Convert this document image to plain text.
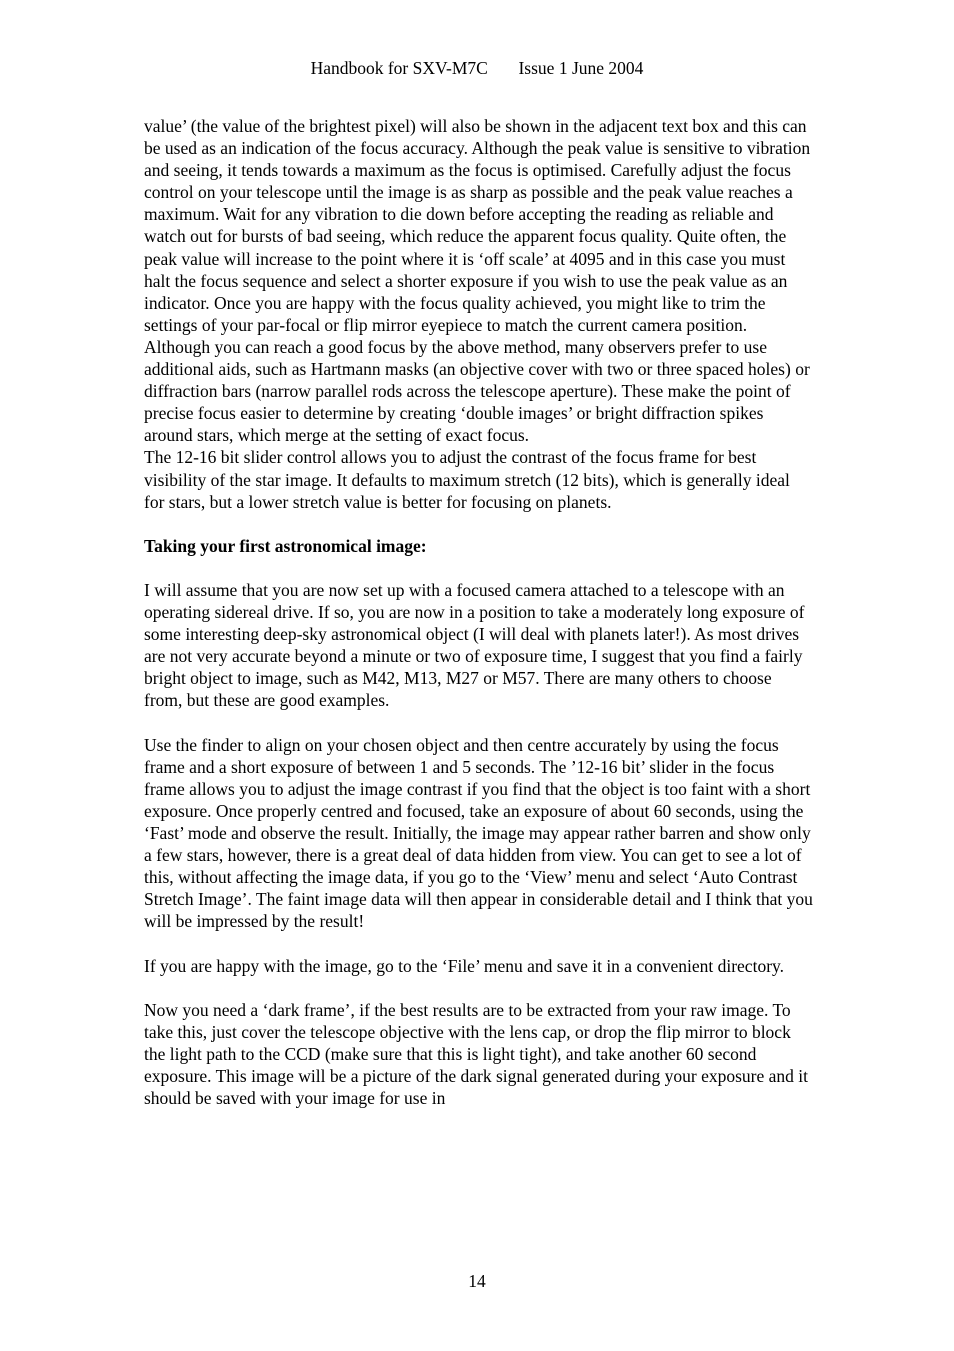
Handbook for SXV-M7C Issue 1 June 2004

value’ (the value of the brightest pixel) will also be shown in the adjacent text box and this can be used as an indication of the focus accuracy. Although the peak value is sensitive to vibration and seeing, it tends towards a maximum as the focus is optimised. Carefully adjust the focus control on your telescope until the image is as sharp as possible and the peak value reaches a maximum. Wait for any vibration to die down before accepting the reading as reliable and watch out for bursts of bad seeing, which reduce the apparent focus quality. Quite often, the peak value will increase to the point where it is ‘off scale’ at 4095 and in this case you must halt the focus sequence and select a shorter exposure if you wish to use the peak value as an indicator. Once you are happy with the focus quality achieved, you might like to trim the settings of your par-focal or flip mirror eyepiece to match the current camera position.

Although you can reach a good focus by the above method, many observers prefer to use additional aids, such as Hartmann masks (an objective cover with two or three spaced holes) or diffraction bars (narrow parallel rods across the telescope aperture). These make the point of precise focus easier to determine by creating ‘double images’ or bright diffraction spikes around stars, which merge at the setting of exact focus.

The 12-16 bit slider control allows you to adjust the contrast of the focus frame for best visibility of the star image. It defaults to maximum stretch (12 bits), which is generally ideal for stars, but a lower stretch value is better for focusing on planets.

Taking your first astronomical image:

I will assume that you are now set up with a focused camera attached to a telescope with an operating sidereal drive. If so, you are now in a position to take a moderately long exposure of some interesting deep-sky astronomical object (I will deal with planets later!). As most drives are not very accurate beyond a minute or two of exposure time, I suggest that you find a fairly bright object to image, such as M42, M13, M27 or M57. There are many others to choose from, but these are good examples.

Use the finder to align on your chosen object and then centre accurately by using the focus frame and a short exposure of between 1 and 5 seconds. The ’12-16 bit’ slider in the focus frame allows you to adjust the image contrast if you find that the object is too faint with a short exposure. Once properly centred and focused, take an exposure of about 60 seconds, using the ‘Fast’ mode and observe the result. Initially, the image may appear rather barren and show only a few stars, however, there is a great deal of data hidden from view. You can get to see a lot of this, without affecting the image data, if you go to the ‘View’ menu and select ‘Auto Contrast Stretch Image’. The faint image data will then appear in considerable detail and I think that you will be impressed by the result!

If you are happy with the image, go to the ‘File’ menu and save it in a convenient directory.

Now you need a ‘dark frame’, if the best results are to be extracted from your raw image. To take this, just cover the telescope objective with the lens cap, or drop the flip mirror to block the light path to the CCD (make sure that this is light tight), and take another 60 second exposure. This image will be a picture of the dark signal generated during your exposure and it should be saved with your image for use in

14
